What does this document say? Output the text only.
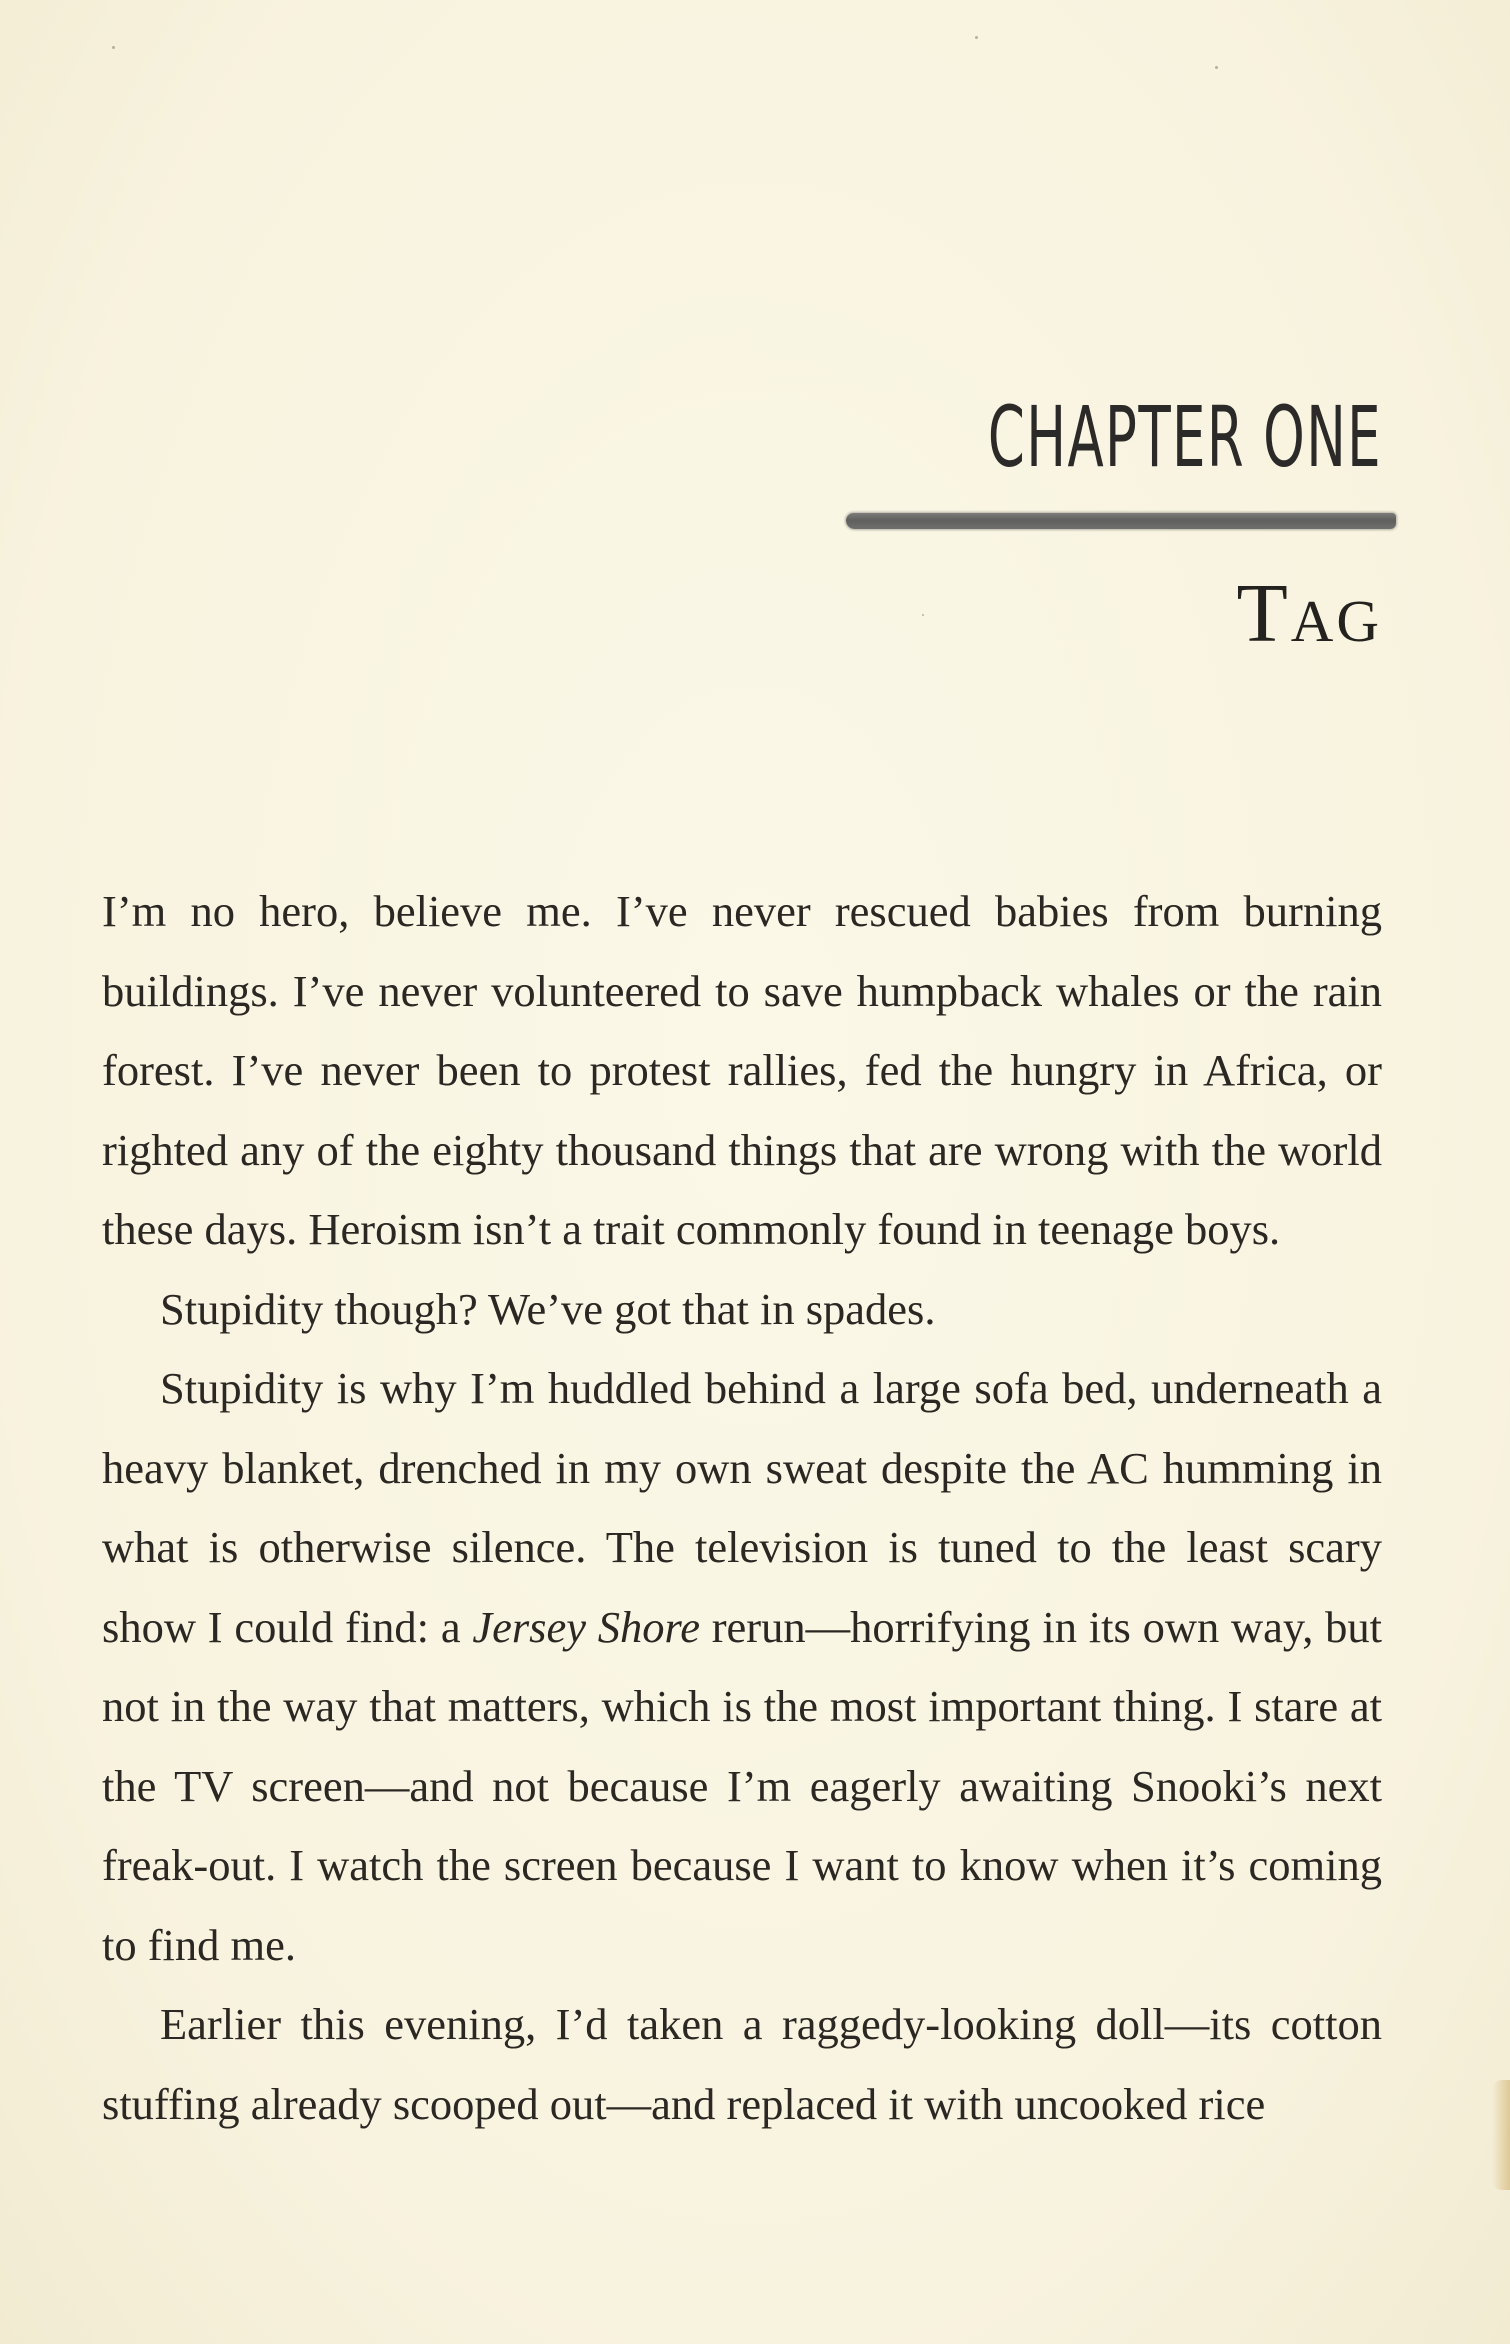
CHAPTER ONE
Tag

I’m no hero, believe me. I’ve never rescued babies from burning buildings. I’ve never volunteered to save humpback whales or the rain forest. I’ve never been to protest rallies, fed the hungry in Africa, or righted any of the eighty thousand things that are wrong with the world these days. Heroism isn’t a trait commonly found in teenage boys.

Stupidity though? We’ve got that in spades.

Stupidity is why I’m huddled behind a large sofa bed, underneath a heavy blanket, drenched in my own sweat despite the AC humming in what is otherwise silence. The television is tuned to the least scary show I could find: a Jersey Shore rerun—horrifying in its own way, but not in the way that matters, which is the most important thing. I stare at the TV screen—and not because I’m eagerly awaiting Snooki’s next freak-out. I watch the screen because I want to know when it’s coming to find me.

Earlier this evening, I’d taken a raggedy-looking doll—its cotton stuffing already scooped out—and replaced it with uncooked rice
